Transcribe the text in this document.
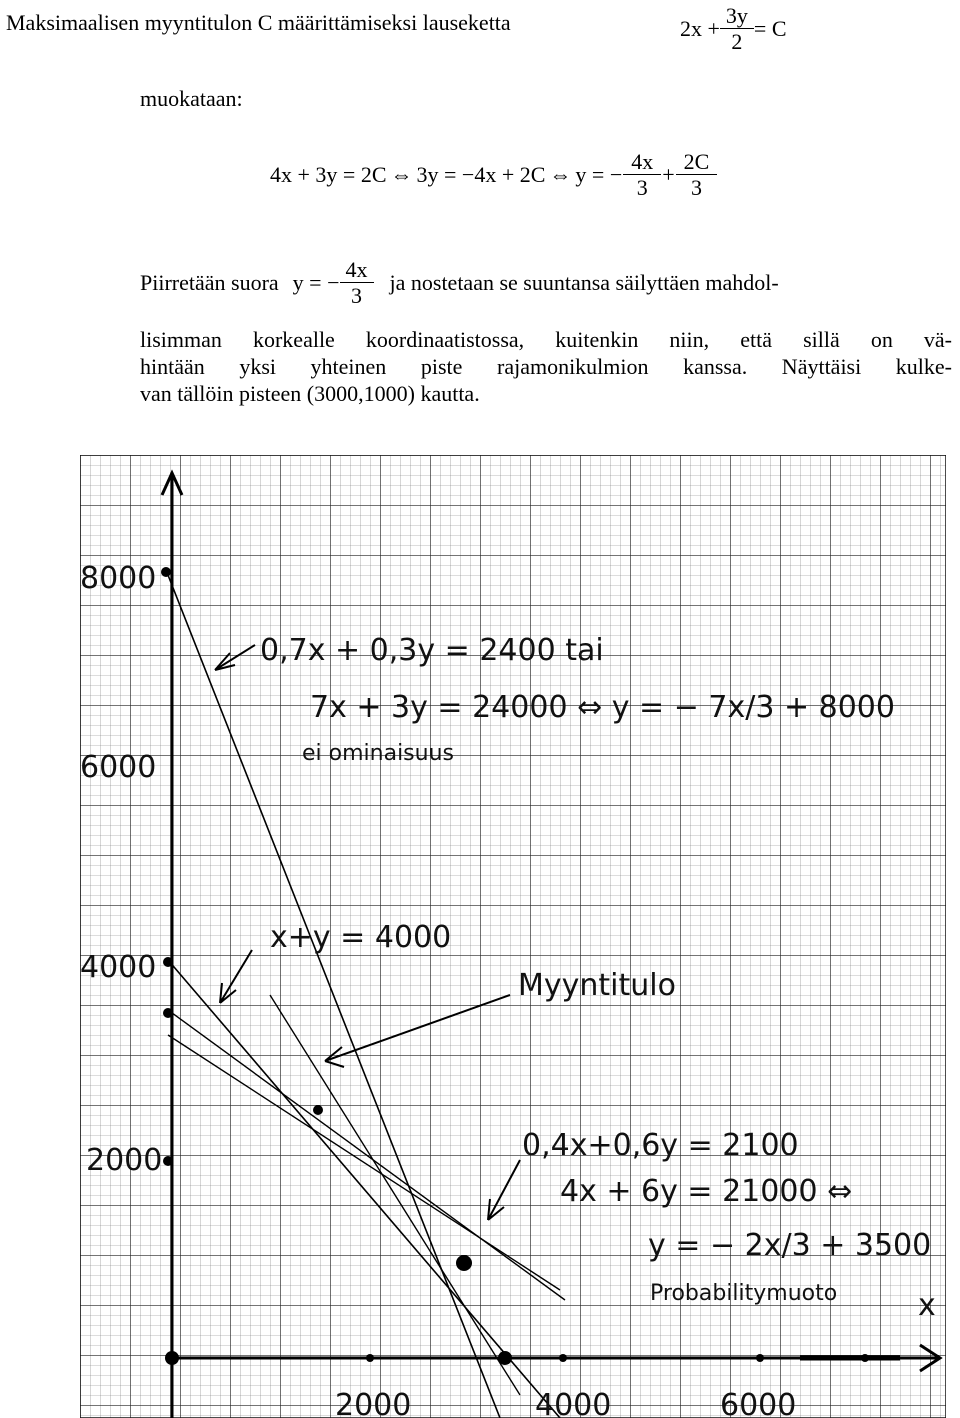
Maksimaalisen myyntitulon C määrittämiseksi lauseketta	$2x + \frac{3y}{2} = C$
muokataan:
4x + 3y = 2C ⇔ 3y = −4x + 2C ⇔ y = − $\frac{4x}{3} + \frac{2C}{3}$
Piirretään suora y = − $\frac{4x}{3}$ ja nostetaan se suuntansa säilyttäen mahdol-
lisimman korkealle koordinaatistossa, kuitenkin niin, että sillä on vä-
hintään yksi yhteinen piste rajamonikulmion kanssa. Näyttäisi kulke-
van tällöin pisteen (3000,1000) kautta.
8000
6000
4000
2000
2000	4000	6000
x
0,7x + 0,3y = 2400 tai
7x + 3y = 24000 ⇔ y = − 7x/3 + 8000
ei ominaisuus
x+y = 4000
Myyntitulo
0,4x+0,6y = 2100
4x + 6y = 21000 ⇔
y = − 2x/3 + 3500
Probabilitymuoto
